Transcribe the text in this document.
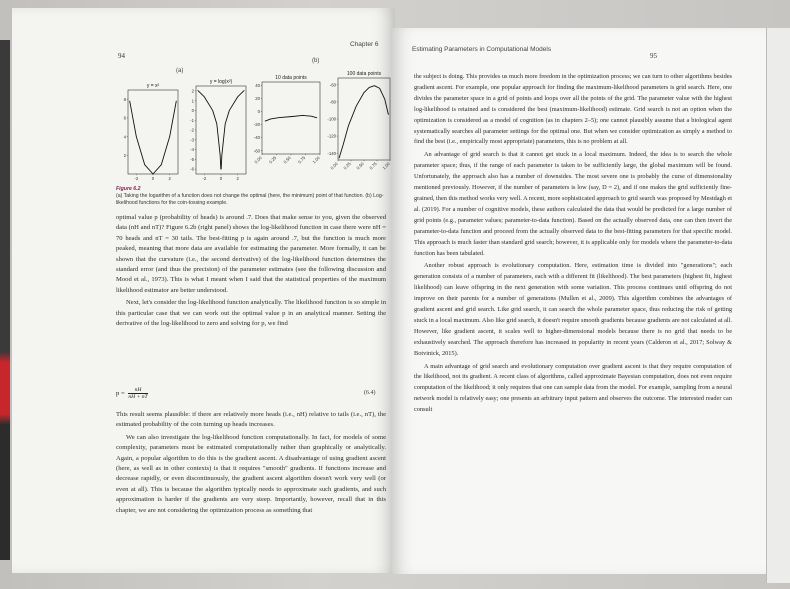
94
Chapter 6
(a)
(b)
y = x²
2
4
6
8
-2	0	2
y = log(x²)
2
1
0
-1
-2
-3
-4
-5
-6
-2	0	2
10 data points
40
20
0
-20
-40
-60
0.00 0.25 0.50 0.75 1.00
100 data points
-60
-80
-100
-120
-140
0.00 0.25 0.50 0.75 1.00
Figure 6.2
(a) Taking the logarithm of a function does not change the optimal (here, the minimum) point of that function. (b) Log-likelihood functions for the coin-tossing example.

optimal value p (probability of heads) is around .7. Does that make sense to you, given the observed data (nH and nT)? Figure 6.2b (right panel) shows the log-likelihood function in case there were nH = 70 heads and nT = 30 tails. The best-fitting p is again around .7, but the function is much more peaked, meaning that more data are available for estimating the parameter. More formally, it can be shown that the curvature (i.e., the second derivative) of the log-likelihood function determines the standard error (and thus the precision) of the parameter estimates (see the following discussion and Mood et al., 1973). This is what I meant when I said that the statistical properties of the maximum likelihood estimator are better understood.

Next, let's consider the log-likelihood function analytically. The likelihood function is so simple in this particular case that we can work out the optimal value p in an analytical manner. Setting the derivative of the log-likelihood to zero and solving for p, we find

$p = \frac{nH}{nH + nT}$	(6.4)

This result seems plausible: if there are relatively more heads (i.e., nH) relative to tails (i.e., nT), the estimated probability of the coin turning up heads increases.

We can also investigate the log-likelihood function computationally. In fact, for models of some complexity, parameters must be estimated computationally rather than graphically or analytically. Again, a popular algorithm to do this is the gradient ascent. A disadvantage of using gradient ascent (here, as well as in other contexts) is that it requires "smooth" gradients. If functions increase and decrease rapidly, or even discontinuously, the gradient ascent algorithm doesn't work very well (or even at all). This is because the algorithm typically needs to approximate such gradients, and such approximation is harder if the gradients are very steep. Importantly, however, recall that in this chapter, we are not considering the optimization process as something that

Estimating Parameters in Computational Models
95

the subject is doing. This provides us much more freedom in the optimization process; we can turn to other algorithms besides gradient ascent. For example, one popular approach for finding the maximum-likelihood parameters is grid search. Here, one divides the parameter space in a grid of points and loops over all the points of the grid. The parameter value with the highest log-likelihood is retained and is considered the best (maximum-likelihood) estimate. Grid search is not an option when the optimization is considered as a model of cognition (as in chapters 2–5); one cannot plausibly assume that a biological agent systematically searches all parameter settings for the optimal one. But when we consider optimization as simply a method to find the best (i.e., empirically most appropriate) parameters, this is no problem at all.

An advantage of grid search is that it cannot get stuck in a local maximum. Indeed, the idea is to search the whole parameter space; thus, if the range of each parameter is taken to be sufficiently large, the global maximum will be found. Unfortunately, the approach also has a number of downsides. The most severe one is probably the curse of dimensionality mentioned previously. However, if the number of parameters is low (say, D = 2), and if one makes the grid sufficiently fine-grained, then this method works very well. A recent, more sophisticated approach to grid search was proposed by Mestdagh et al. (2019). For a number of cognitive models, these authors calculated the data that would be predicted for a large number of grid points (e.g., parameter values; parameter-to-data function). Based on the actually observed data, one can then invert the parameter-to-data function and proceed from the actually observed data to the best-fitting parameters for that specific model. This approach is much faster than standard grid search; however, it is applicable only for models where the parameter-to-data function has been tabulated.

Another robust approach is evolutionary computation. Here, estimation time is divided into "generations"; each generation consists of a number of parameters, each with a different fit (likelihood). The best parameters (highest fit, highest likelihood) can leave offspring in the next generation with some variation. This process continues until offspring do not improve on their parents for a number of generations (Mullen et al., 2009). This algorithm combines the advantages of gradient ascent and grid search. Like grid search, it can search the whole parameter space, thus reducing the risk of getting stuck in a local maximum. Also like grid search, it doesn't require smooth gradients because gradients are not calculated at all. However, like gradient ascent, it scales well to higher-dimensional models because there is no grid that needs to be exhaustively searched. The approach therefore has increased in popularity in recent years (Calderon et al., 2017; Solway & Botvinick, 2015).

A main advantage of grid search and evolutionary computation over gradient ascent is that they require computation of the likelihood, not its gradient. A recent class of algorithms, called approximate Bayesian computation, does not even require computation of the likelihood; it only requires that one can sample data from the model. For example, sampling from a neural network model is relatively easy; one presents an arbitrary input pattern and observes the outcome. The interested reader can consult
